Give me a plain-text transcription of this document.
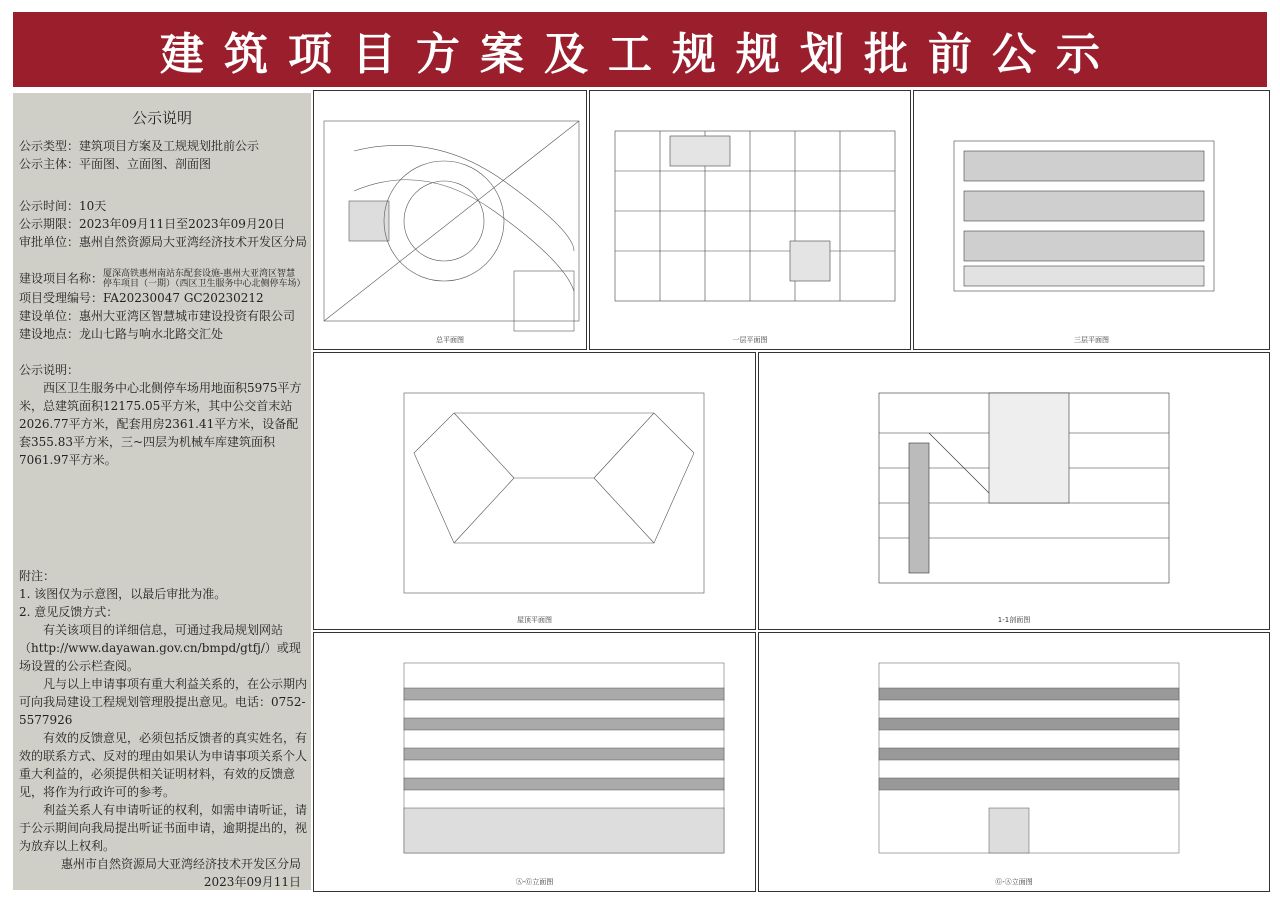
建筑项目方案及工规规划批前公示
公示说明

公示类型：建筑项目方案及工规规划批前公示

公示主体：平面图、立面图、剖面图

公示时间：10天

公示期限：2023年09月11日至2023年09月20日

审批单位：惠州自然资源局大亚湾经济技术开发区分局

建设项目名称：厦深高铁惠州南站东配套设施-惠州大亚湾区智慧停车项目（一期）（西区卫生服务中心北侧停车场）

项目受理编号：FA20230047 GC20230212

建设单位：惠州大亚湾区智慧城市建设投资有限公司

建设地点：龙山七路与响水北路交汇处

公示说明：

西区卫生服务中心北侧停车场用地面积5975平方米，总建筑面积12175.05平方米，其中公交首末站2026.77平方米，配套用房2361.41平方米，设备配套355.83平方米，三~四层为机械车库建筑面积7061.97平方米。

附注：

1. 该图仅为示意图，以最后审批为准。

2. 意见反馈方式：

有关该项目的详细信息，可通过我局规划网站（http://www.dayawan.gov.cn/bmpd/gtfj/）或现场设置的公示栏查阅。

凡与以上申请事项有重大利益关系的，在公示期内可向我局建设工程规划管理股提出意见。电话：0752-5577926

有效的反馈意见，必须包括反馈者的真实姓名，有效的联系方式、反对的理由如果认为申请事项关系个人重大利益的，必须提供相关证明材料，有效的反馈意见，将作为行政许可的参考。

利益关系人有申请听证的权利，如需申请听证，请于公示期间向我局提出听证书面申请，逾期提出的，视为放弃以上权利。

惠州市自然资源局大亚湾经济技术开发区分局

2023年09月11日

总平面图	一层平面图	三层平面图
屋顶平面图	1-1剖面图
Ⓐ-Ⓖ立面图	Ⓖ-Ⓐ立面图
